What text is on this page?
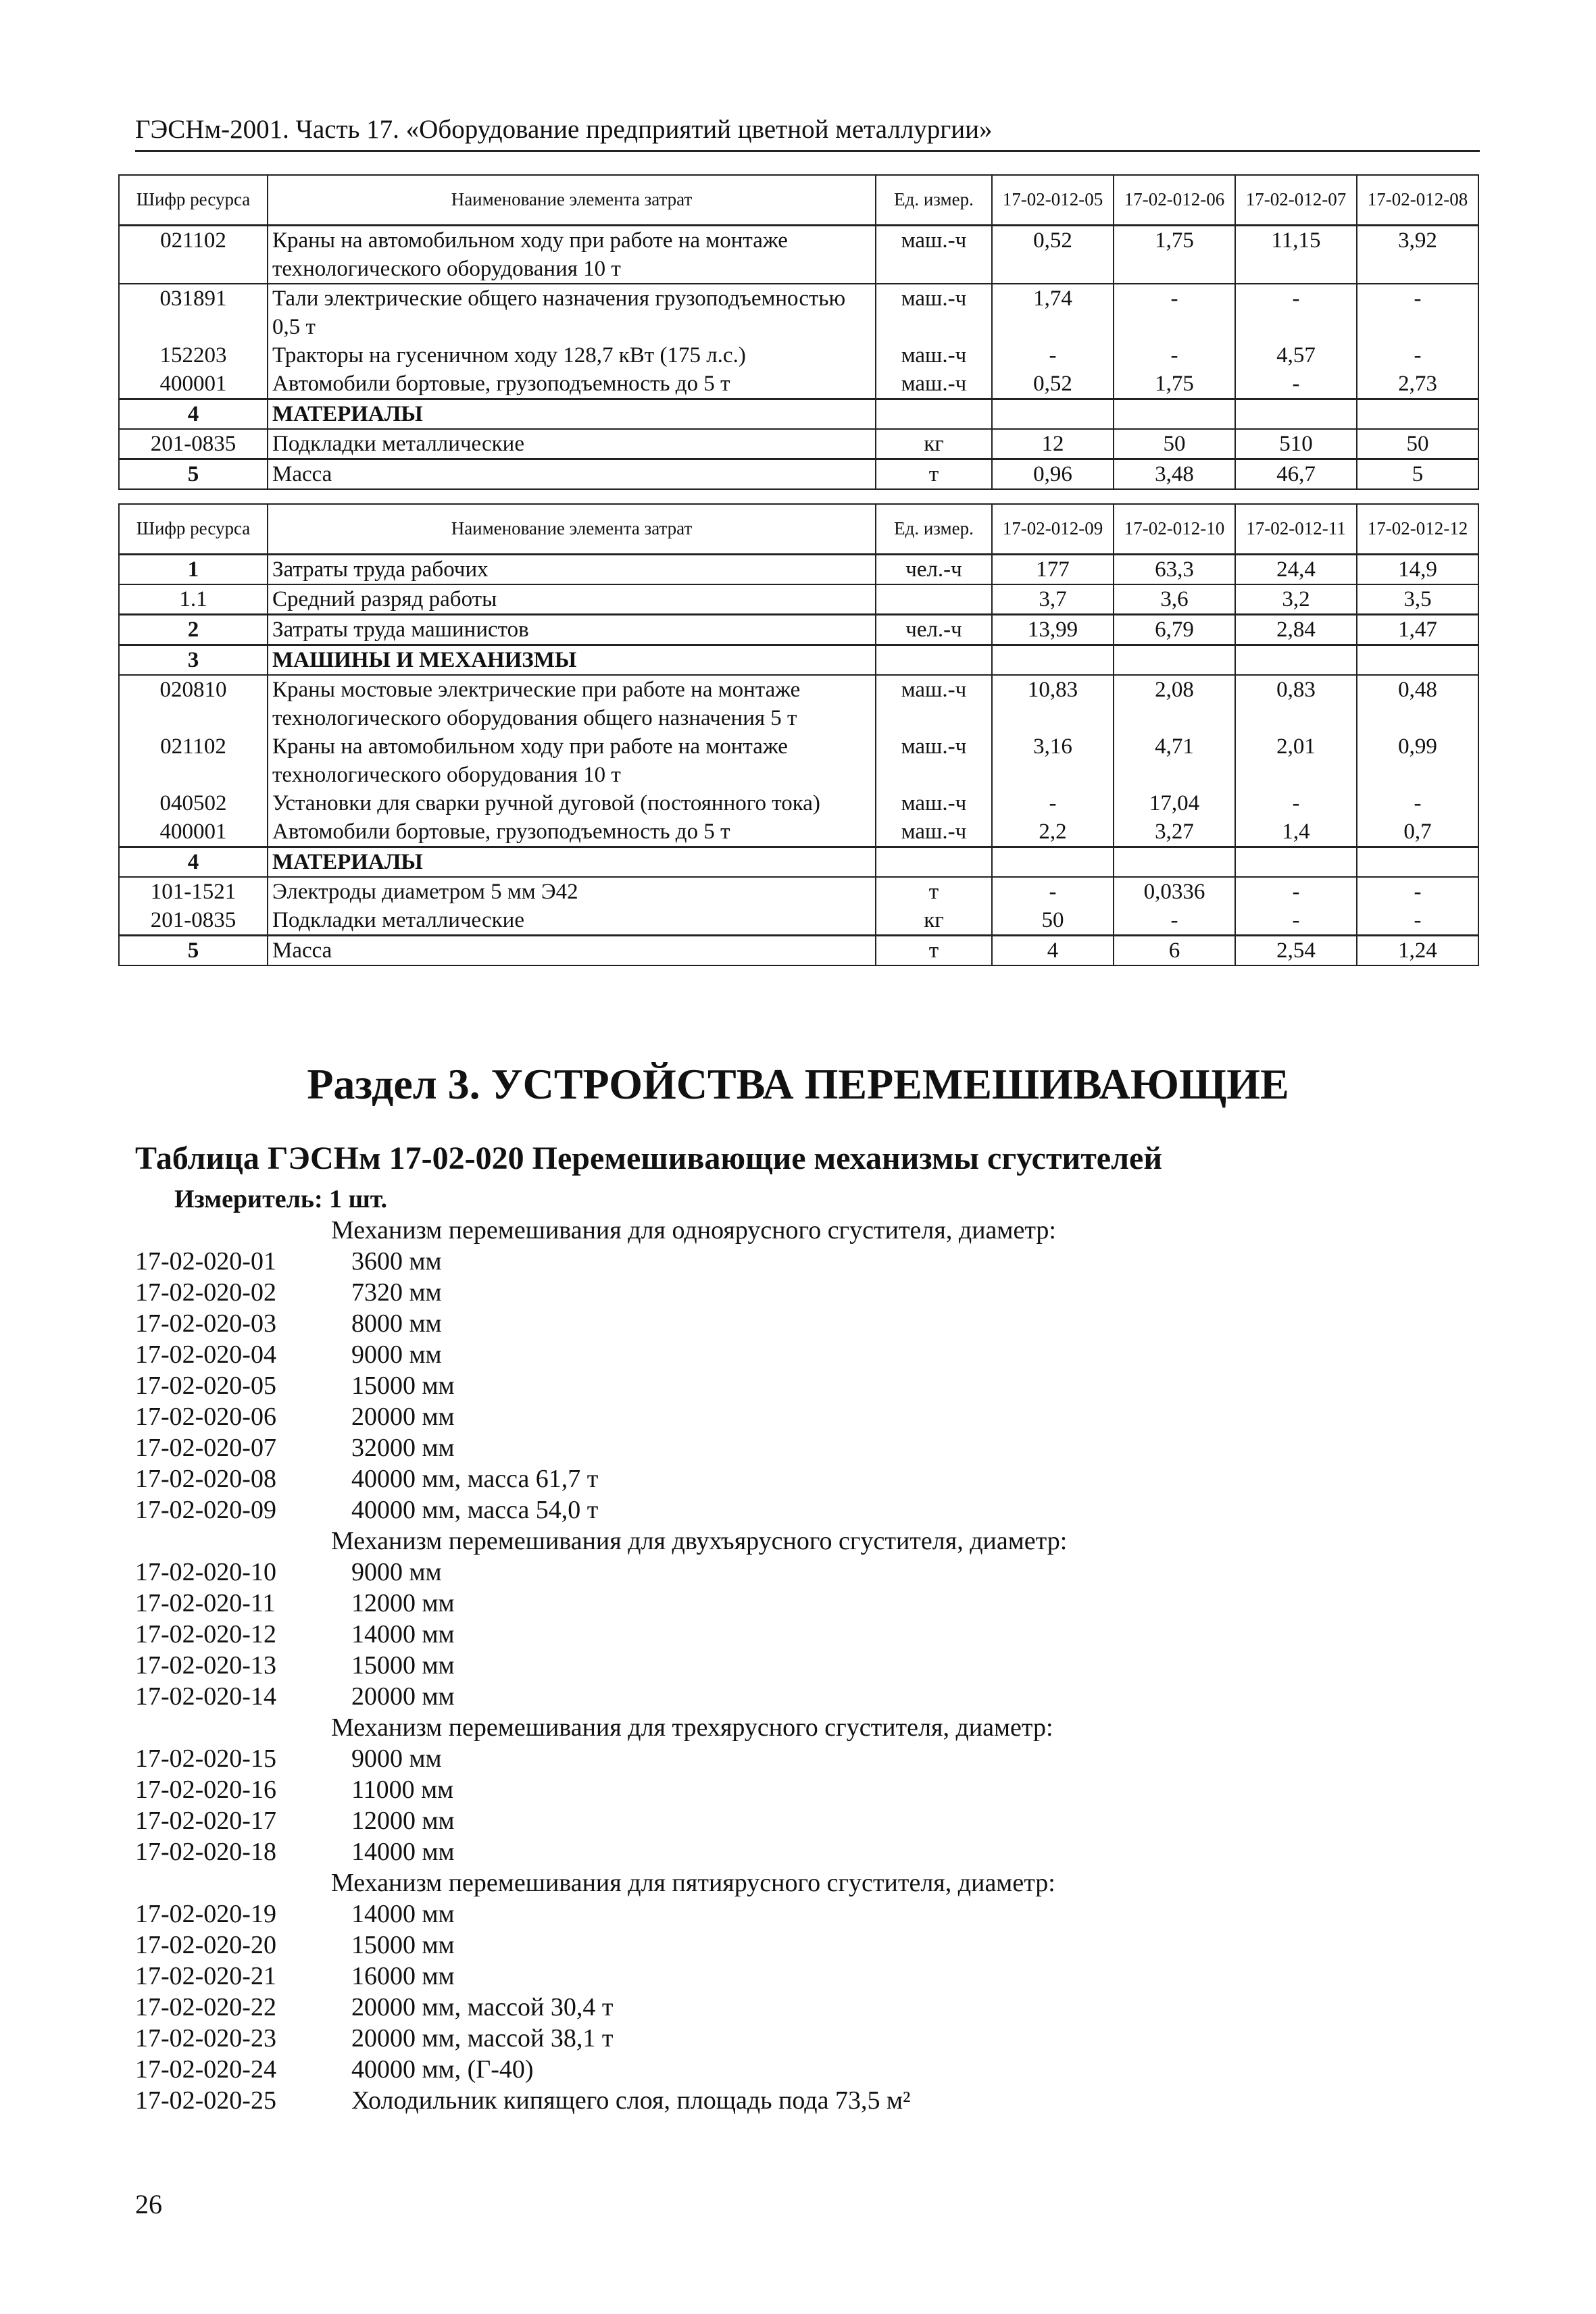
ГЭСНм-2001. Часть 17. «Оборудование предприятий цветной металлургии»
Шифр ресурса	Наименование элемента затрат	Ед. измер.	17-02-012-05	17-02-012-06	17-02-012-07	17-02-012-08
021102	Краны на автомобильном ходу при работе на монтаже технологического оборудования 10 т	маш.-ч	0,52	1,75	11,15	3,92
031891	Тали электрические общего назначения грузоподъемностью 0,5 т	маш.-ч	1,74	-	-	-
152203	Тракторы на гусеничном ходу 128,7 кВт (175 л.с.)	маш.-ч	-	-	4,57	-
400001	Автомобили бортовые, грузоподъемность до 5 т	маш.-ч	0,52	1,75	-	2,73
4	МАТЕРИАЛЫ					
201-0835	Подкладки металлические	кг	12	50	510	50
5	Масса	т	0,96	3,48	46,7	5
Шифр ресурса	Наименование элемента затрат	Ед. измер.	17-02-012-09	17-02-012-10	17-02-012-11	17-02-012-12
1	Затраты труда рабочих	чел.-ч	177	63,3	24,4	14,9
1.1	Средний разряд работы		3,7	3,6	3,2	3,5
2	Затраты труда машинистов	чел.-ч	13,99	6,79	2,84	1,47
3	МАШИНЫ И МЕХАНИЗМЫ					
020810	Краны мостовые электрические при работе на монтаже технологического оборудования общего назначения 5 т	маш.-ч	10,83	2,08	0,83	0,48
021102	Краны на автомобильном ходу при работе на монтаже технологического оборудования 10 т	маш.-ч	3,16	4,71	2,01	0,99
040502	Установки для сварки ручной дуговой (постоянного тока)	маш.-ч	-	17,04	-	-
400001	Автомобили бортовые, грузоподъемность до 5 т	маш.-ч	2,2	3,27	1,4	0,7
4	МАТЕРИАЛЫ					
101-1521	Электроды диаметром 5 мм Э42	т	-	0,0336	-	-
201-0835	Подкладки металлические	кг	50	-	-	-
5	Масса	т	4	6	2,54	1,24
Раздел 3. УСТРОЙСТВА ПЕРЕМЕШИВАЮЩИЕ
Таблица ГЭСНм 17-02-020 Перемешивающие механизмы сгустителей
Измеритель: 1 шт.
Механизм перемешивания для одноярусного сгустителя, диаметр:
17-02-020-01	3600 мм
17-02-020-02	7320 мм
17-02-020-03	8000 мм
17-02-020-04	9000 мм
17-02-020-05	15000 мм
17-02-020-06	20000 мм
17-02-020-07	32000 мм
17-02-020-08	40000 мм, масса 61,7 т
17-02-020-09	40000 мм, масса 54,0 т
Механизм перемешивания для двухъярусного сгустителя, диаметр:
17-02-020-10	9000 мм
17-02-020-11	12000 мм
17-02-020-12	14000 мм
17-02-020-13	15000 мм
17-02-020-14	20000 мм
Механизм перемешивания для трехярусного сгустителя, диаметр:
17-02-020-15	9000 мм
17-02-020-16	11000 мм
17-02-020-17	12000 мм
17-02-020-18	14000 мм
Механизм перемешивания для пятиярусного сгустителя, диаметр:
17-02-020-19	14000 мм
17-02-020-20	15000 мм
17-02-020-21	16000 мм
17-02-020-22	20000 мм, массой 30,4 т
17-02-020-23	20000 мм, массой 38,1 т
17-02-020-24	40000 мм, (Г-40)
17-02-020-25	Холодильник кипящего слоя, площадь пода 73,5 м²
26
